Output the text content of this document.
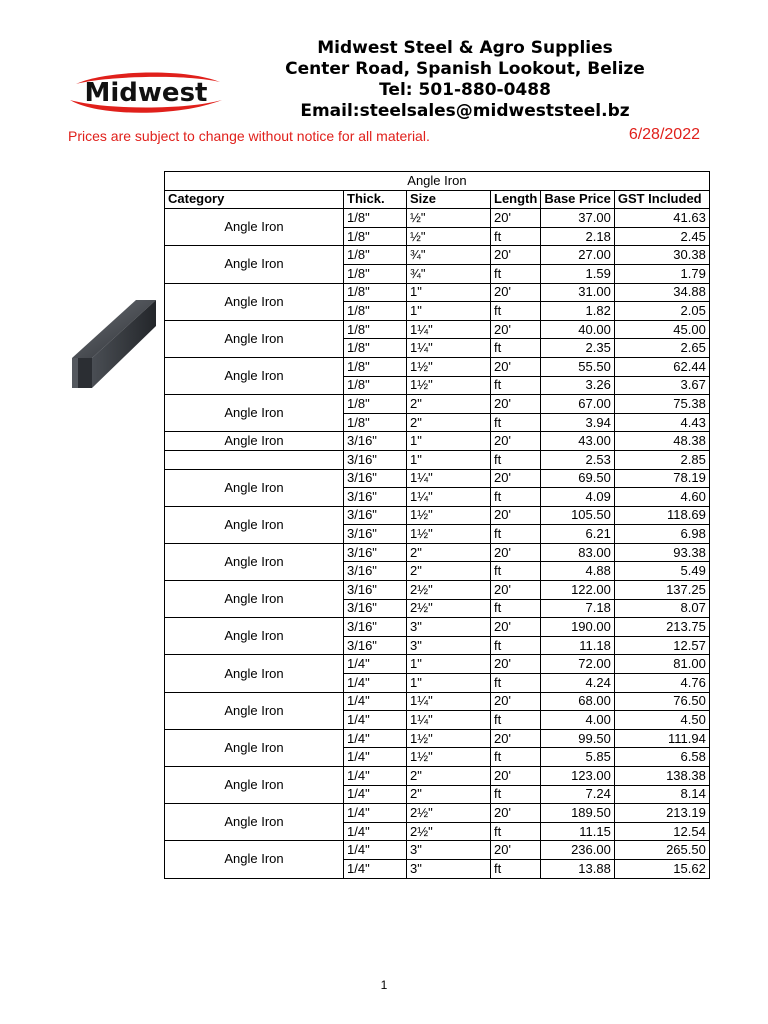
Midwest
Midwest Steel & Agro Supplies
Center Road, Spanish Lookout, Belize
Tel: 501-880-0488
Email:steelsales@midweststeel.bz
Prices are subject to change without notice for all material.	6/28/2022
Angle Iron					
Category	Thick.	Size	Length	Base Price	GST Included
Angle Iron	1/8"	½"	20'	37.00	41.63
	1/8"	½"	ft	2.18	2.45
Angle Iron	1/8"	¾"	20'	27.00	30.38
	1/8"	¾"	ft	1.59	1.79
Angle Iron	1/8"	1"	20'	31.00	34.88
	1/8"	1"	ft	1.82	2.05
Angle Iron	1/8"	1¼"	20'	40.00	45.00
	1/8"	1¼"	ft	2.35	2.65
Angle Iron	1/8"	1½"	20'	55.50	62.44
	1/8"	1½"	ft	3.26	3.67
Angle Iron	1/8"	2"	20'	67.00	75.38
	1/8"	2"	ft	3.94	4.43
Angle Iron	3/16"	1"	20'	43.00	48.38
	3/16"	1"	ft	2.53	2.85
Angle Iron	3/16"	1¼"	20'	69.50	78.19
	3/16"	1¼"	ft	4.09	4.60
Angle Iron	3/16"	1½"	20'	105.50	118.69
	3/16"	1½"	ft	6.21	6.98
Angle Iron	3/16"	2"	20'	83.00	93.38
	3/16"	2"	ft	4.88	5.49
Angle Iron	3/16"	2½"	20'	122.00	137.25
	3/16"	2½"	ft	7.18	8.07
Angle Iron	3/16"	3"	20'	190.00	213.75
	3/16"	3"	ft	11.18	12.57
Angle Iron	1/4"	1"	20'	72.00	81.00
	1/4"	1"	ft	4.24	4.76
Angle Iron	1/4"	1¼"	20'	68.00	76.50
	1/4"	1¼"	ft	4.00	4.50
Angle Iron	1/4"	1½"	20'	99.50	111.94
	1/4"	1½"	ft	5.85	6.58
Angle Iron	1/4"	2"	20'	123.00	138.38
	1/4"	2"	ft	7.24	8.14
Angle Iron	1/4"	2½"	20'	189.50	213.19
	1/4"	2½"	ft	11.15	12.54
Angle Iron	1/4"	3"	20'	236.00	265.50
	1/4"	3"	ft	13.88	15.62
1
